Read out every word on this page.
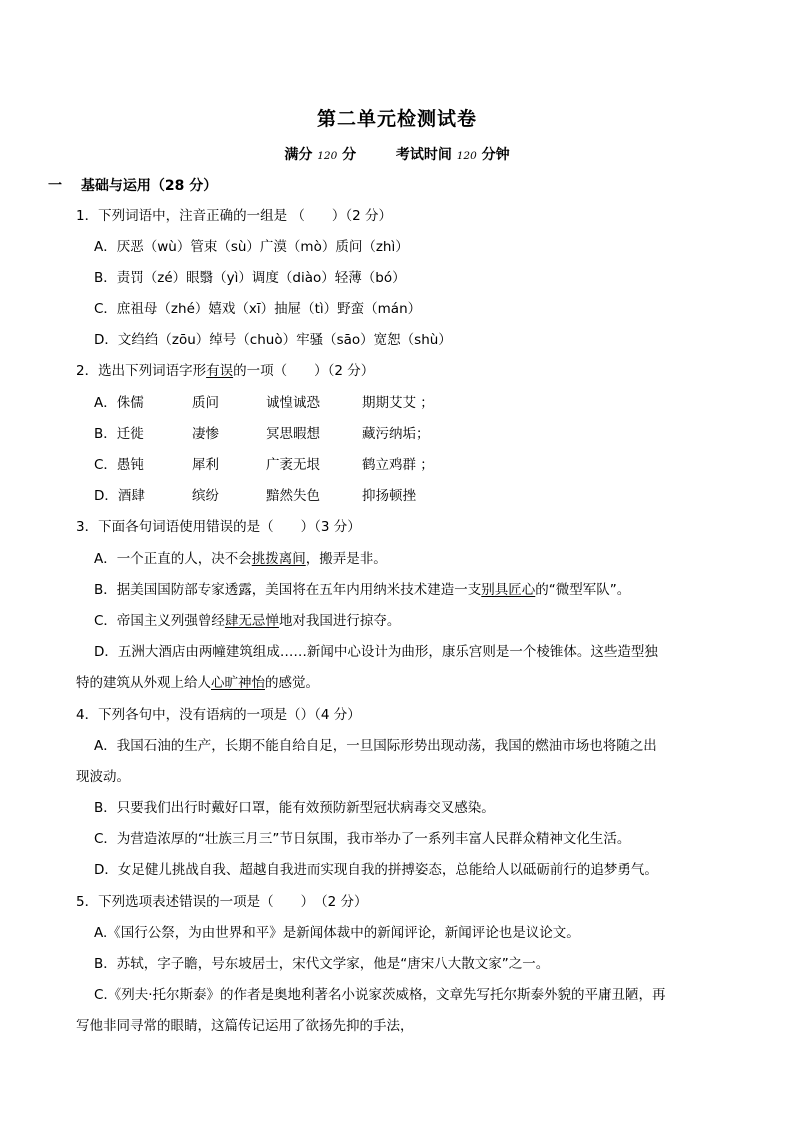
第二单元检测试卷
满分 120 分	考试时间 120 分钟
一　 基础与运用（28 分）
1．下列词语中，注音正确的一组是 （　　）（2 分）
A．厌恶（wù）管束（sù）广漠（mò）质问（zhì）
B．责罚（zé）眼翳（yì）调度（diào）轻薄（bó）
C．庶祖母（zhé）嬉戏（xī）抽屉（tì）野蛮（mán）
D．文绉绉（zōu）绰号（chuò）牢骚（sāo）宽恕（shù）
2．选出下列词语字形有误的一项（　　）（2 分）
A．侏儒	质问	诚惶诚恐	期期艾艾 ；
B．迁徙	凄惨	冥思暇想	藏污纳垢；
C．愚钝	犀利	广袤无垠	鹤立鸡群 ；
D．酒肆	缤纷	黯然失色	抑扬顿挫
3．下面各句词语使用错误的是（　　）（3 分）
A．一个正直的人，决不会挑拨离间，搬弄是非。
B．据美国国防部专家透露，美国将在五年内用纳米技术建造一支别具匠心的“微型军队”。
C．帝国主义列强曾经肆无忌惮地对我国进行掠夺。
D．五洲大酒店由两幢建筑组成……新闻中心设计为曲形，康乐宫则是一个棱锥体。这些造型独
特的建筑从外观上给人心旷神怡的感觉。
4．下列各句中，没有语病的一项是（）（4 分）
A．我国石油的生产，长期不能自给自足，一旦国际形势出现动荡，我国的燃油市场也将随之出
现波动。
B．只要我们出行时戴好口罩，能有效预防新型冠状病毒交叉感染。
C．为营造浓厚的“壮族三月三”节日氛围，我市举办了一系列丰富人民群众精神文化生活。
D．女足健儿挑战自我、超越自我进而实现自我的拼搏姿态，总能给人以砥砺前行的追梦勇气。
5．下列选项表述错误的一项是（　　）　（2 分）
A.《国行公祭，为由世界和平》是新闻体裁中的新闻评论，新闻评论也是议论文。
B．苏轼，字子瞻，号东坡居士，宋代文学家，他是“唐宋八大散文家”之一。
C.《列夫·托尔斯泰》的作者是奥地利著名小说家茨威格，文章先写托尔斯泰外貌的平庸丑陋，再
写他非同寻常的眼睛，这篇传记运用了欲扬先抑的手法，
